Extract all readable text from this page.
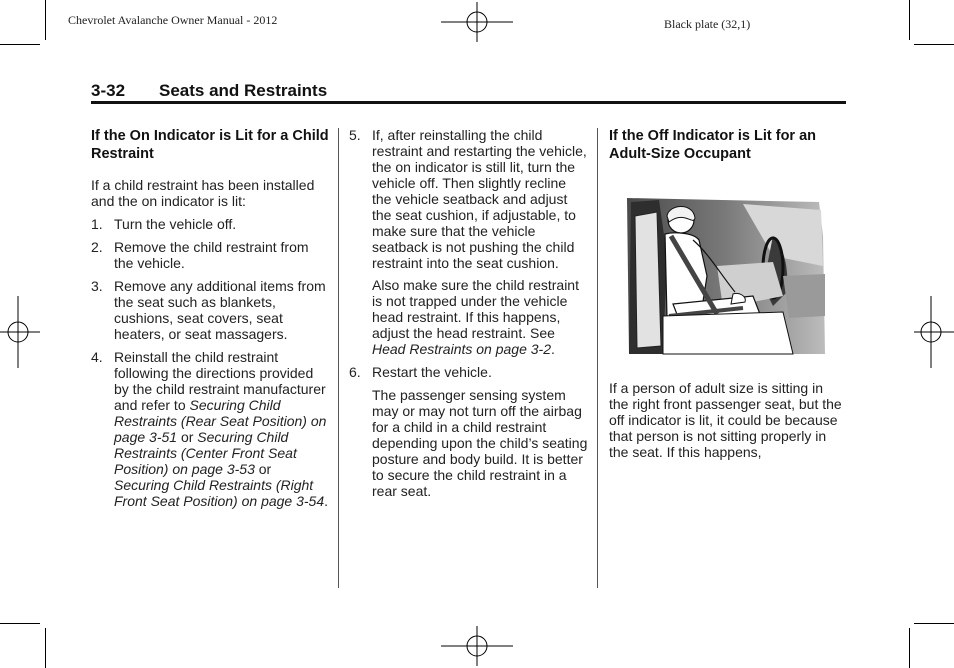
Chevrolet Avalanche Owner Manual - 2012	Black plate (32,1)
3-32 Seats and Restraints

If the On Indicator is Lit for a Child Restraint

If a child restraint has been installed and the on indicator is lit:

1. Turn the vehicle off.
2. Remove the child restraint from the vehicle.
3. Remove any additional items from the seat such as blankets, cushions, seat covers, seat heaters, or seat massagers.
4. Reinstall the child restraint following the directions provided by the child restraint manufacturer and refer to Securing Child Restraints (Rear Seat Position) on page 3-51 or Securing Child Restraints (Center Front Seat Position) on page 3-53 or Securing Child Restraints (Right Front Seat Position) on page 3-54.
5. If, after reinstalling the child restraint and restarting the vehicle, the on indicator is still lit, turn the vehicle off. Then slightly recline the vehicle seatback and adjust the seat cushion, if adjustable, to make sure that the vehicle seatback is not pushing the child restraint into the seat cushion.

Also make sure the child restraint is not trapped under the vehicle head restraint. If this happens, adjust the head restraint. See Head Restraints on page 3-2.

6. Restart the vehicle.

The passenger sensing system may or may not turn off the airbag for a child in a child restraint depending upon the child’s seating posture and body build. It is better to secure the child restraint in a rear seat.

If the Off Indicator is Lit for an Adult-Size Occupant

If a person of adult size is sitting in the right front passenger seat, but the off indicator is lit, it could be because that person is not sitting properly in the seat. If this happens,
